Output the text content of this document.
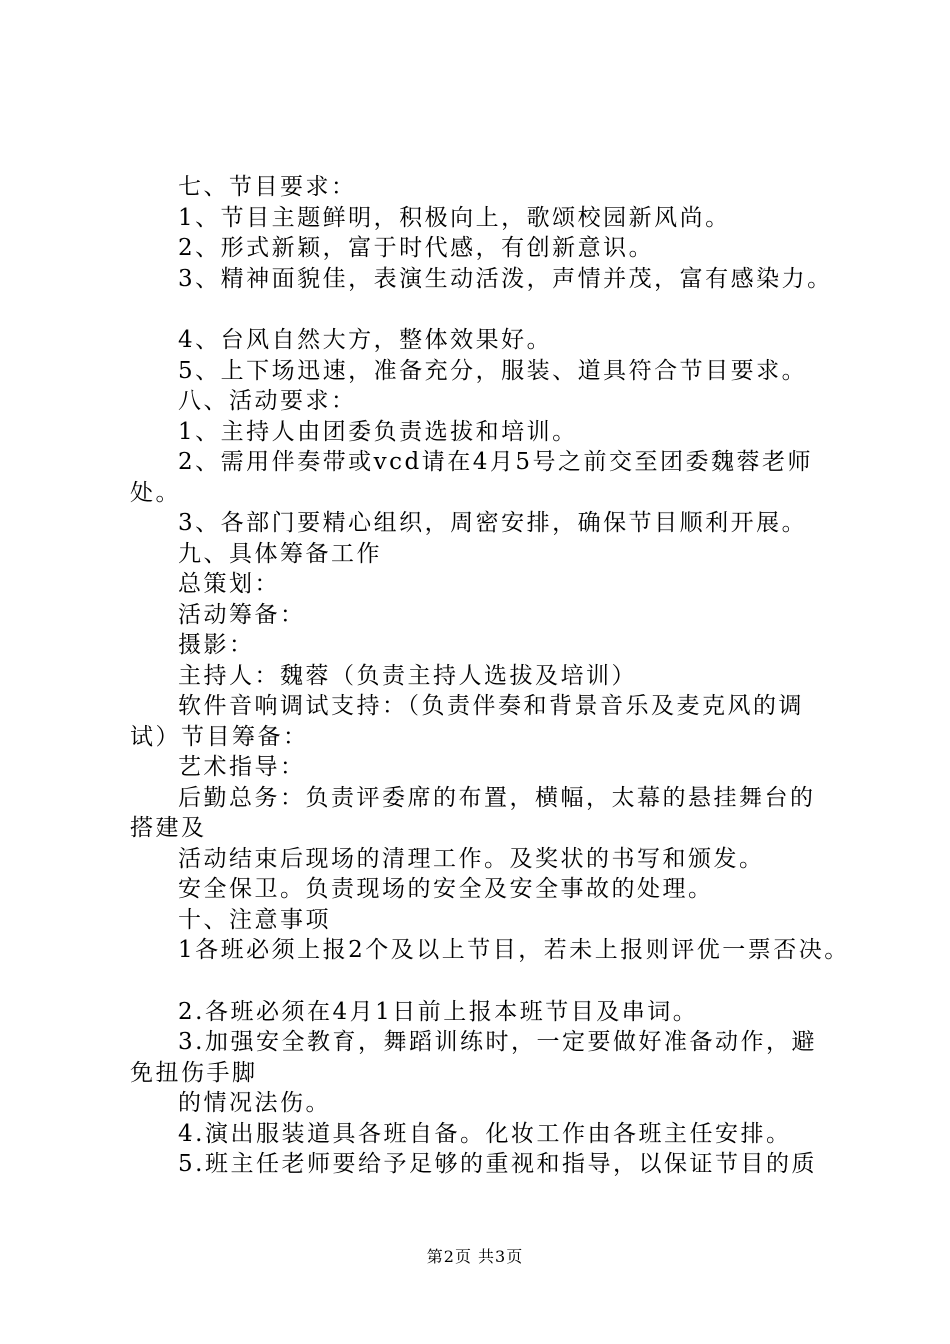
七、节目要求：
1、节目主题鲜明，积极向上，歌颂校园新风尚。
2、形式新颖，富于时代感，有创新意识。
3、精神面貌佳，表演生动活泼，声情并茂，富有感染力。
4、台风自然大方，整体效果好。
5、上下场迅速，准备充分，服装、道具符合节目要求。
八、活动要求：
1、主持人由团委负责选拔和培训。
2、需用伴奏带或vcd请在4月5号之前交至团委魏蓉老师
处。
3、各部门要精心组织，周密安排，确保节目顺利开展。
九、具体筹备工作
总策划：
活动筹备：
摄影：
主持人：魏蓉（负责主持人选拔及培训）
软件音响调试支持：（负责伴奏和背景音乐及麦克风的调
试）节目筹备：
艺术指导：
后勤总务：负责评委席的布置，横幅，太幕的悬挂舞台的
搭建及
活动结束后现场的清理工作。及奖状的书写和颁发。
安全保卫。负责现场的安全及安全事故的处理。
十、注意事项
1各班必须上报2个及以上节目，若未上报则评优一票否决。
2.各班必须在4月1日前上报本班节目及串词。
3.加强安全教育，舞蹈训练时，一定要做好准备动作，避
免扭伤手脚
的情况法伤。
4.演出服装道具各班自备。化妆工作由各班主任安排。
5.班主任老师要给予足够的重视和指导，以保证节目的质
第2页 共3页
